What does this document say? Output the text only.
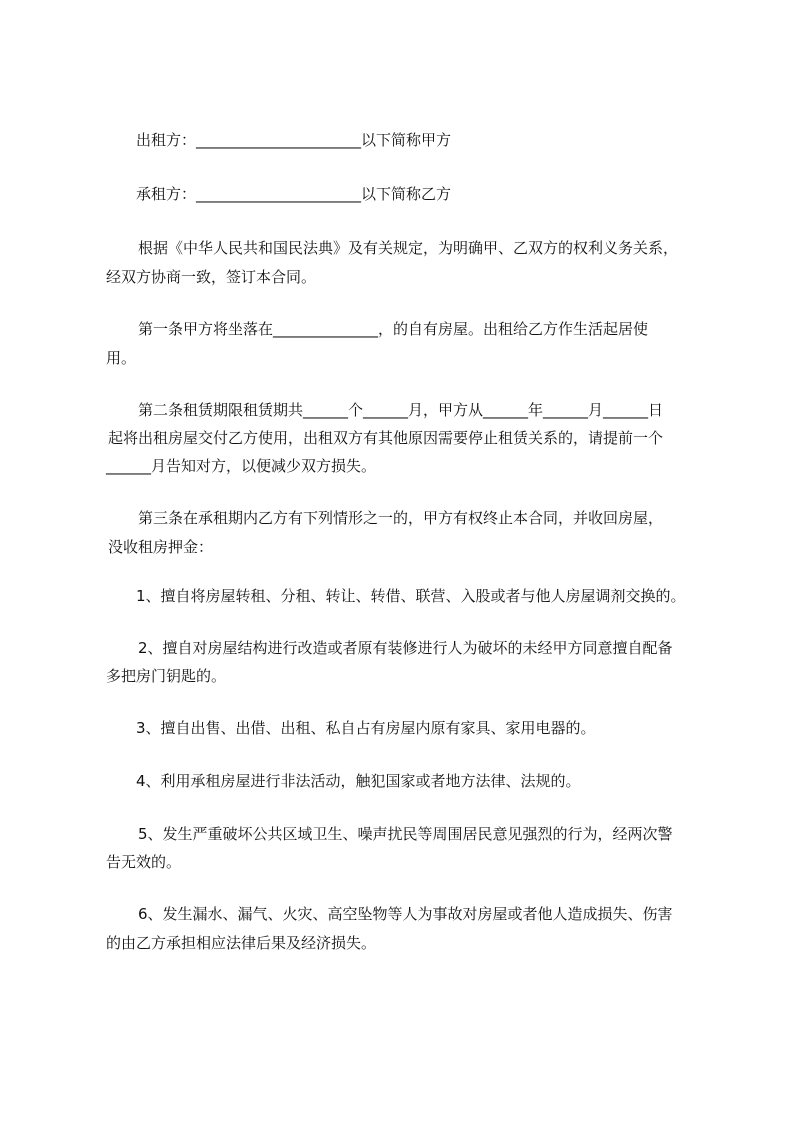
出租方：______________________以下简称甲方

承租方：______________________以下简称乙方

根据《中华人民共和国民法典》及有关规定，为明确甲、乙双方的权利义务关系，

经双方协商一致，签订本合同。

第一条甲方将坐落在______________，的自有房屋。出租给乙方作生活起居使

用。

第二条租赁期限租赁期共______个______月，甲方从______年______月______日

起将出租房屋交付乙方使用，出租双方有其他原因需要停止租赁关系的，请提前一个

______月告知对方，以便减少双方损失。

第三条在承租期内乙方有下列情形之一的，甲方有权终止本合同，并收回房屋，

没收租房押金：

1、擅自将房屋转租、分租、转让、转借、联营、入股或者与他人房屋调剂交换的。

2、擅自对房屋结构进行改造或者原有装修进行人为破坏的未经甲方同意擅自配备

多把房门钥匙的。

3、擅自出售、出借、出租、私自占有房屋内原有家具、家用电器的。

4、利用承租房屋进行非法活动，触犯国家或者地方法律、法规的。

5、发生严重破坏公共区域卫生、噪声扰民等周围居民意见强烈的行为，经两次警

告无效的。

6、发生漏水、漏气、火灾、高空坠物等人为事故对房屋或者他人造成损失、伤害

的由乙方承担相应法律后果及经济损失。
